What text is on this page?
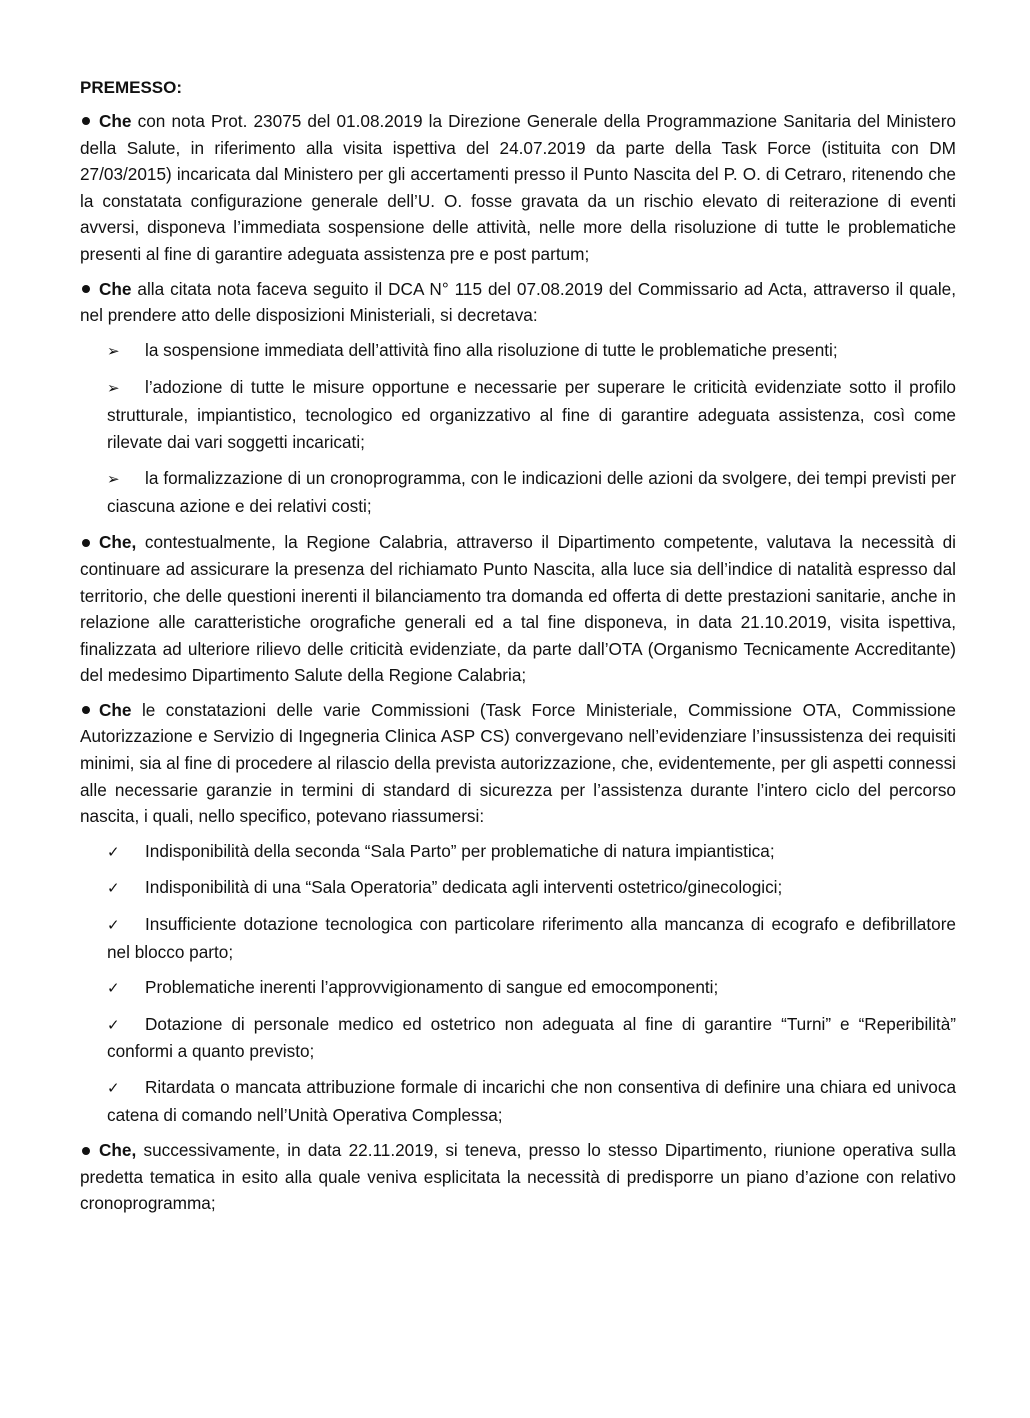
PREMESSO:
Che con nota Prot. 23075 del 01.08.2019 la Direzione Generale della Programmazione Sanitaria del Ministero della Salute, in riferimento alla visita ispettiva del 24.07.2019 da parte della Task Force (istituita con DM 27/03/2015) incaricata dal Ministero per gli accertamenti presso il Punto Nascita del P. O. di Cetraro, ritenendo che la constatata configurazione generale dell’U. O. fosse gravata da un rischio elevato di reiterazione di eventi avversi, disponeva l’immediata sospensione delle attività, nelle more della risoluzione di tutte le problematiche presenti al fine di garantire adeguata assistenza pre e post partum;
Che alla citata nota faceva seguito il DCA N° 115 del 07.08.2019 del Commissario ad Acta, attraverso il quale, nel prendere atto delle disposizioni Ministeriali, si decretava:
➢ la sospensione immediata dell’attività fino alla risoluzione di tutte le problematiche presenti;
➢ l’adozione di tutte le misure opportune e necessarie per superare le criticità evidenziate sotto il profilo strutturale, impiantistico, tecnologico ed organizzativo al fine di garantire adeguata assistenza, così come rilevate dai vari soggetti incaricati;
➢ la formalizzazione di un cronoprogramma, con le indicazioni delle azioni da svolgere, dei tempi previsti per ciascuna azione e dei relativi costi;
Che, contestualmente, la Regione Calabria, attraverso il Dipartimento competente, valutava la necessità di continuare ad assicurare la presenza del richiamato Punto Nascita, alla luce sia dell’indice di natalità espresso dal territorio, che delle questioni inerenti il bilanciamento tra domanda ed offerta di dette prestazioni sanitarie, anche in relazione alle caratteristiche orografiche generali ed a tal fine disponeva, in data 21.10.2019, visita ispettiva, finalizzata ad ulteriore rilievo delle criticità evidenziate, da parte dall’OTA (Organismo Tecnicamente Accreditante) del medesimo Dipartimento Salute della Regione Calabria;
Che le constatazioni delle varie Commissioni (Task Force Ministeriale, Commissione OTA, Commissione Autorizzazione e Servizio di Ingegneria Clinica ASP CS) convergevano nell’evidenziare l’insussistenza dei requisiti minimi, sia al fine di procedere al rilascio della prevista autorizzazione, che, evidentemente, per gli aspetti connessi alle necessarie garanzie in termini di standard di sicurezza per l’assistenza durante l’intero ciclo del percorso nascita, i quali, nello specifico, potevano riassumersi:
✓ Indisponibilità della seconda “Sala Parto” per problematiche di natura impiantistica;
✓ Indisponibilità di una “Sala Operatoria” dedicata agli interventi ostetrico/ginecologici;
✓ Insufficiente dotazione tecnologica con particolare riferimento alla mancanza di ecografo e defibrillatore nel blocco parto;
✓ Problematiche inerenti l’approvvigionamento di sangue ed emocomponenti;
✓ Dotazione di personale medico ed ostetrico non adeguata al fine di garantire “Turni” e “Reperibilità” conformi a quanto previsto;
✓ Ritardata o mancata attribuzione formale di incarichi che non consentiva di definire una chiara ed univoca catena di comando nell’Unità Operativa Complessa;
Che, successivamente, in data 22.11.2019, si teneva, presso lo stesso Dipartimento, riunione operativa sulla predetta tematica in esito alla quale veniva esplicitata la necessità di predisporre un piano d’azione con relativo cronoprogramma;
